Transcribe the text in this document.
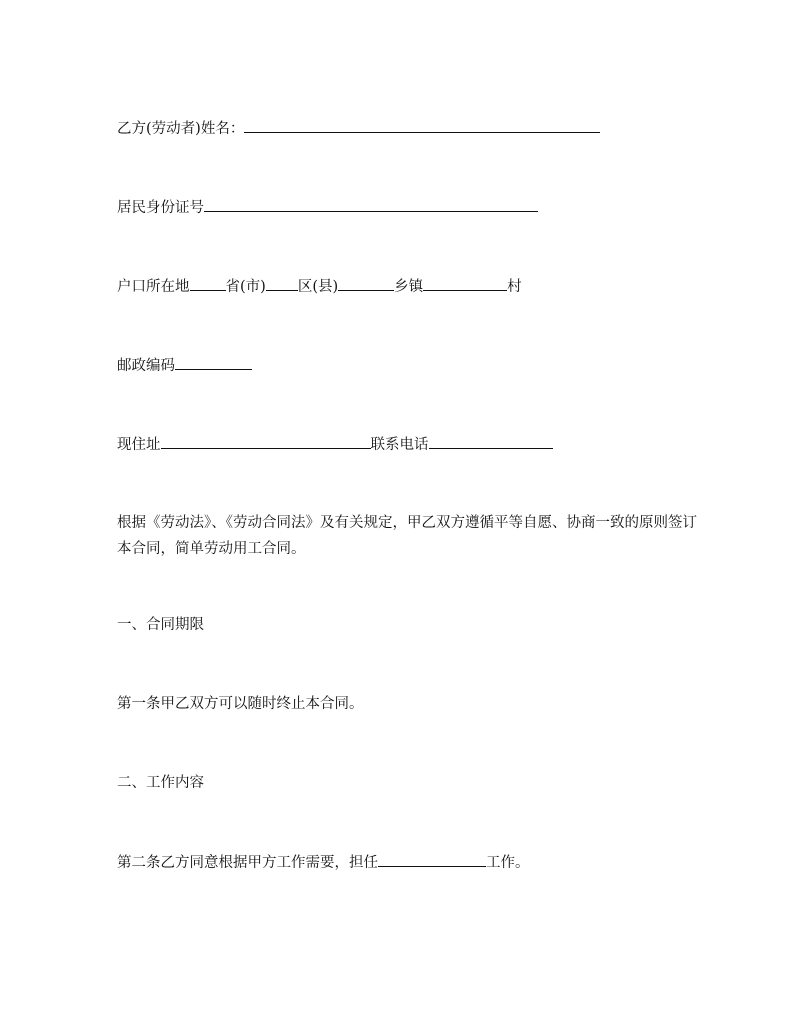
乙方(劳动者)姓名：
居民身份证号
户口所在地 省(市) 区(县)	乡镇	村
邮政编码
现住址	联系电话
根据《劳动法》、《劳动合同法》及有关规定，甲乙双方遵循平等自愿、协商一致的原则签订本合同，简单劳动用工合同。
一、合同期限
第一条甲乙双方可以随时终止本合同。
二、工作内容
第二条乙方同意根据甲方工作需要，担任	工作。
